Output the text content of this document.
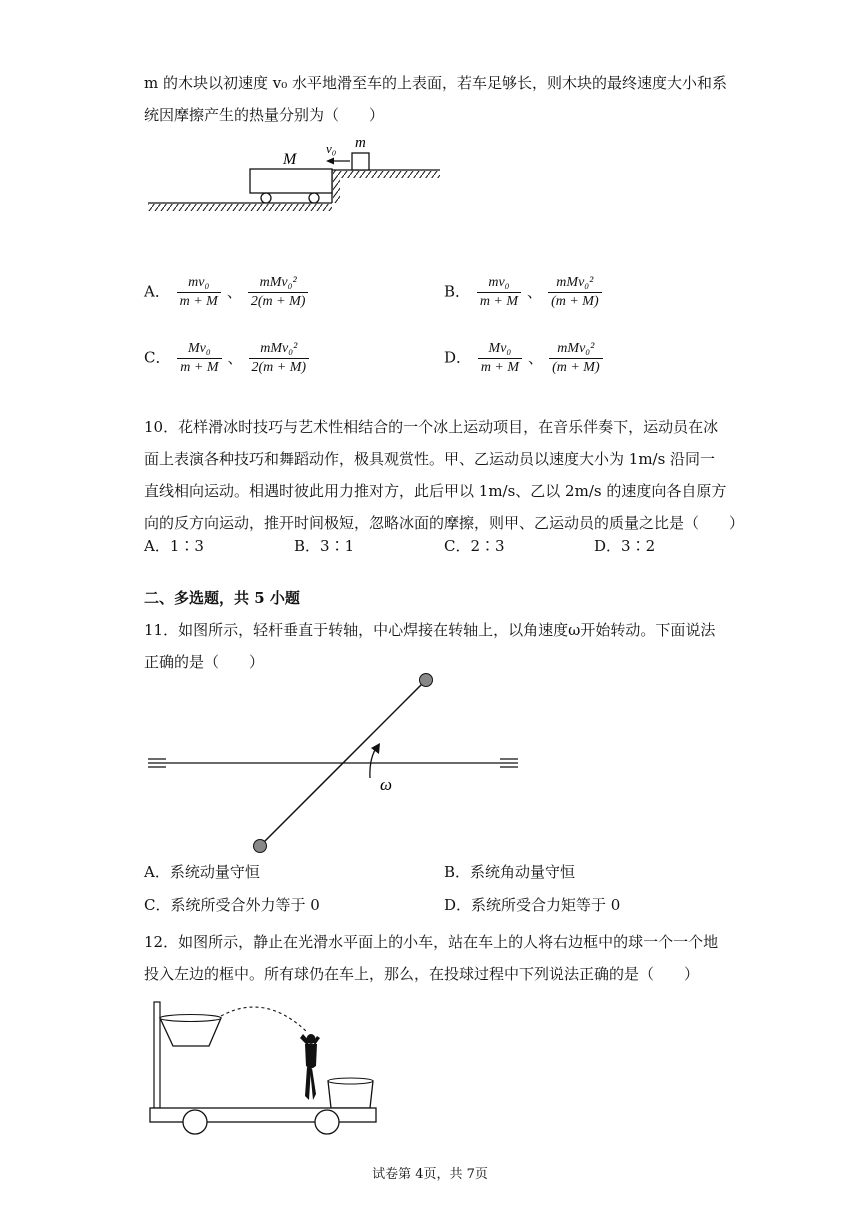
m 的木块以初速度 v₀ 水平地滑至车的上表面，若车足够长，则木块的最终速度大小和系
统因摩擦产生的热量分别为（　　）
M
m
v₀
A． $\frac{\text{mv₀}}{m + M}$ 、 $\frac{\text{mMv₀²}}{2(m + M)}$	B． $\frac{\text{mv₀}}{m + M}$ 、 $\frac{\text{mMv₀²}}{(m + M)}$
C． $\frac{\text{Mv₀}}{m + M}$ 、 $\frac{\text{mMv₀²}}{2(m + M)}$	D． $\frac{\text{Mv₀}}{m + M}$ 、 $\frac{\text{mMv₀²}}{(m + M)}$
10．花样滑冰时技巧与艺术性相结合的一个冰上运动项目，在音乐伴奏下，运动员在冰
面上表演各种技巧和舞蹈动作，极具观赏性。甲、乙运动员以速度大小为 1m/s 沿同一
直线相向运动。相遇时彼此用力推对方，此后甲以 1m/s、乙以 2m/s 的速度向各自原方
向的反方向运动，推开时间极短，忽略冰面的摩擦，则甲、乙运动员的质量之比是（　　）
A．1∶3	B．3∶1	C．2∶3	D．3∶2
二、多选题，共 5 小题
11．如图所示，轻杆垂直于转轴，中心焊接在转轴上，以角速度ω开始转动。下面说法
正确的是（　　）
ω
A．系统动量守恒	B．系统角动量守恒
C．系统所受合外力等于 0	D．系统所受合力矩等于 0
12．如图所示，静止在光滑水平面上的小车，站在车上的人将右边框中的球一个一个地
投入左边的框中。所有球仍在车上，那么，在投球过程中下列说法正确的是（　　）
试卷第 4页，共 7页
